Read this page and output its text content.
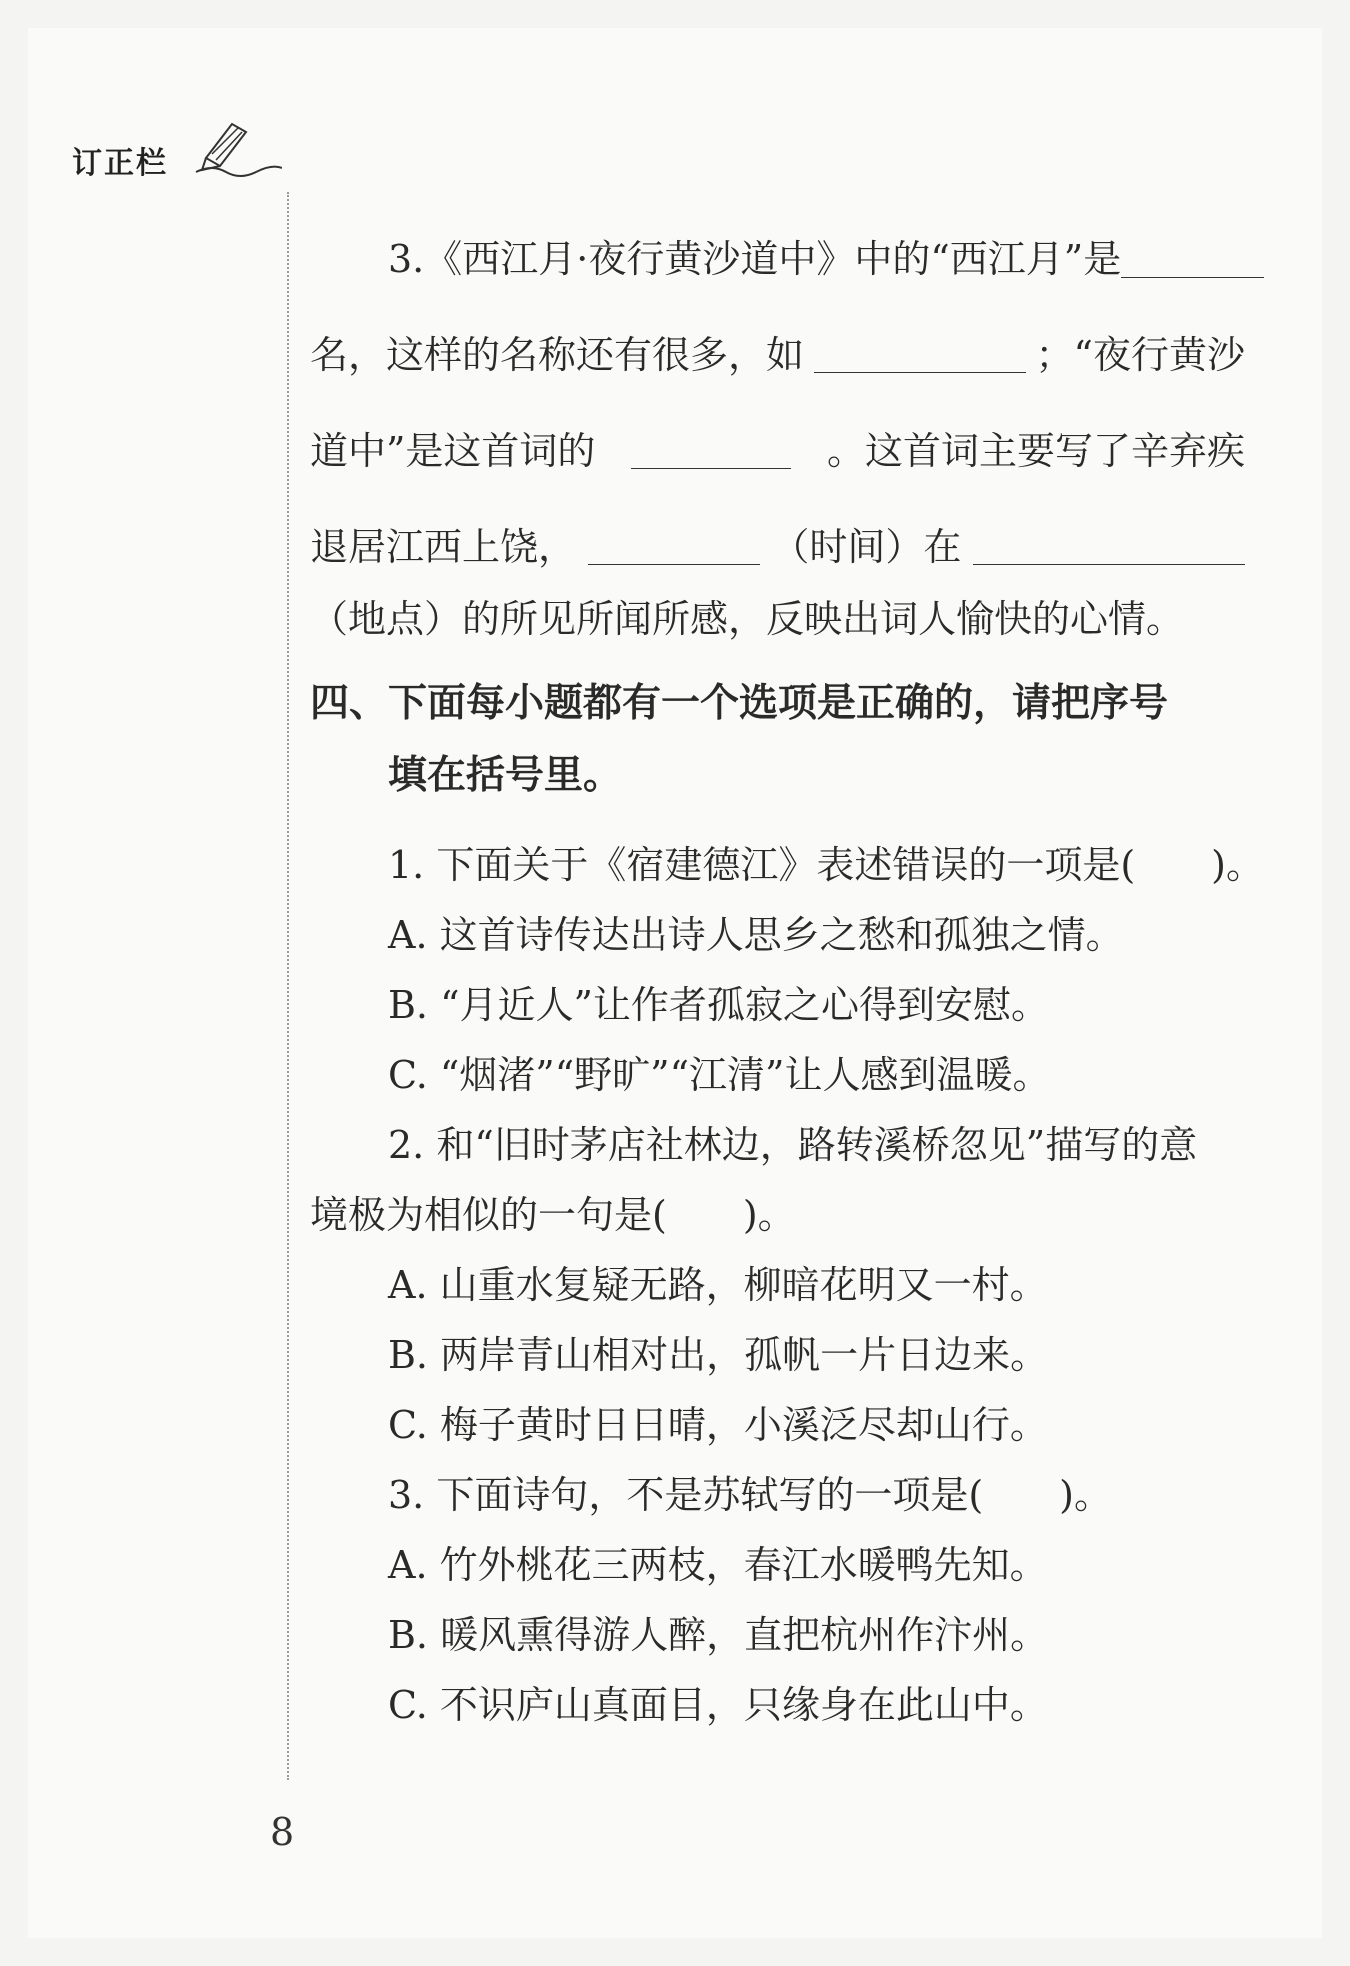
订正栏
3.《西江月·夜行黄沙道中》中的“西江月”是
名，这样的名称还有很多，如	；“夜行黄沙
道中”是这首词的	。这首词主要写了辛弃疾
退居江西上饶，	（时间）在
（地点）的所见所闻所感，反映出词人愉快的心情。
四、下面每小题都有一个选项是正确的，请把序号
填在括号里。
1. 下面关于《宿建德江》表述错误的一项是(　　)。
A. 这首诗传达出诗人思乡之愁和孤独之情。
B. “月近人”让作者孤寂之心得到安慰。
C. “烟渚”“野旷”“江清”让人感到温暖。
2. 和“旧时茅店社林边，路转溪桥忽见”描写的意
境极为相似的一句是(　　)。
A. 山重水复疑无路，柳暗花明又一村。
B. 两岸青山相对出，孤帆一片日边来。
C. 梅子黄时日日晴，小溪泛尽却山行。
3. 下面诗句，不是苏轼写的一项是(　　)。
A. 竹外桃花三两枝，春江水暖鸭先知。
B. 暖风熏得游人醉，直把杭州作汴州。
C. 不识庐山真面目，只缘身在此山中。
8
